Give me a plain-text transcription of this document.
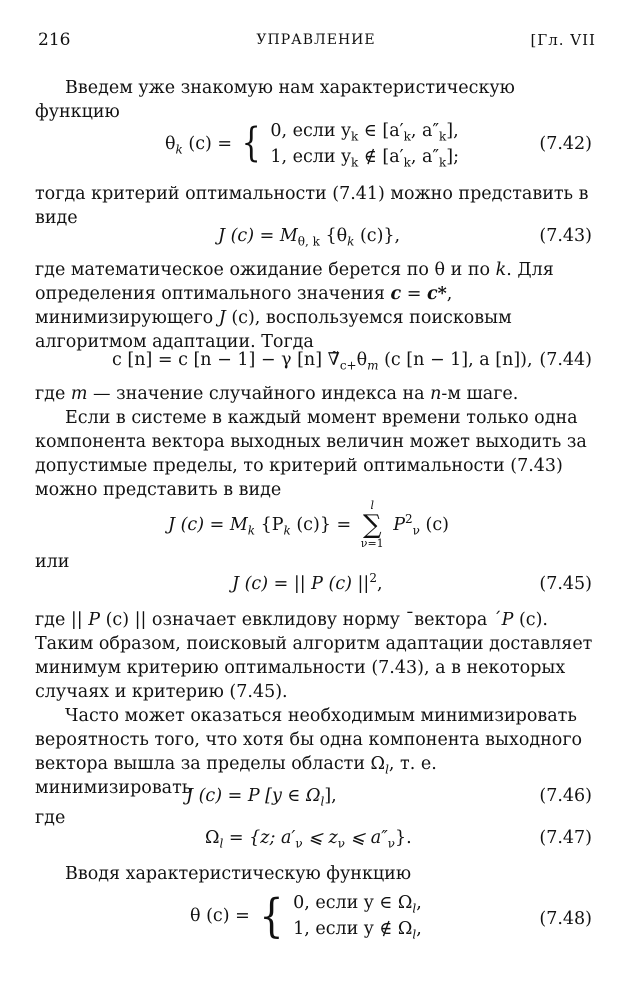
216	УПРАВЛЕНИЕ	[Гл. VII
Введем уже знакомую нам характеристическую функцию
$\theta_k$ (c) = { 0, если $y_k$ ∈ [$a'_k$, $a''_k$],
1, если $y_k$ ∉ [$a'_k$, $a''_k$];
(7.42)
тогда критерий оптимальности (7.41) можно представить в виде
J $(c) = M_{\theta, k}$ {$\theta_k$ (c)},	(7.43)
где математическое ожидание берется по θ и по k. Для определения оптимального значения c = c*, минимизирующего J (c), воспользуемся поисковым алгоритмом адаптации. Тогда
c [n] = c [n − 1] − γ [n] $\nablã_{c+}\theta_m$ (c [n − 1], a [n]), (7.44)
где m — значение случайного индекса на n-м шаге.
Если в системе в каждый момент времени только одна компонента вектора выходных величин может выходить за допустимые пределы, то критерий оптимальности (7.43) можно представить в виде
J $(c) = M_k$ {$P_k$ (c)} =
l
∑
ν=1
$P^2_\nu$ (c)
или
J (c) = || P (c) $||^2$,	(7.45)
где || P (c) || означает евклидову норму ˉвектора ˊP (c). Таким образом, поисковый алгоритм адаптации доставляет минимум критерию оптимальности (7.43), а в некоторых случаях и критерию (7.45).
Часто может оказаться необходимым минимизировать вероятность того, что хотя бы одна компонента выходного вектора вышла за пределы области $\Omega_l$, т. е. минимизировать
J (c) = P [y ∈ $\Omega_l$],	(7.46)
где
$\Omega_l = \{z$; $a'_\nu$ ⩽ $z_\nu$ ⩽ $a''_\nu$}.	(7.47)
Вводя характеристическую функцию
θ (c) = { 0, если y ∈ $\Omega_l$,
1, если y ∉ $\Omega_l$,	(7.48)
